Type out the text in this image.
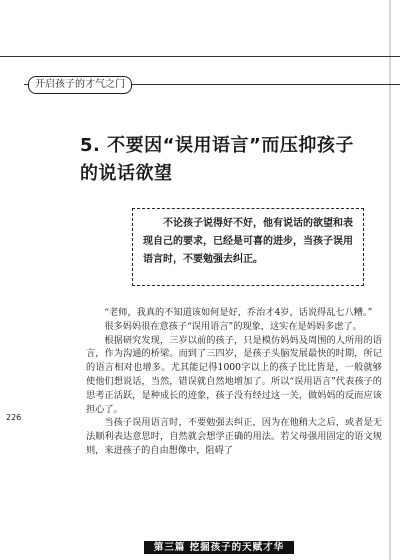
开启孩子的才气之门
5. 不要因“误用语言”而压抑孩子的说话欲望
不论孩子说得好不好，他有说话的欲望和表现自己的要求，已经是可喜的进步，当孩子误用语言时，不要勉强去纠正。

“老师，我真的不知道该如何是好，乔治才4岁，话说得乱七八糟。”

很多妈妈很在意孩子“误用语言”的现象，这实在是妈妈多虑了。

根据研究发现，三岁以前的孩子，只是模仿妈妈及周围的人所用的语言，作为沟通的桥梁。而到了三四岁，是孩子头脑发展最快的时期，所记的语言相对也增多。尤其能记得1000字以上的孩子比比皆是，一般就够使他们想说话，当然，错误就自然地增加了。所以“误用语言”代表孩子的思考正活跃，是种成长的迹象，孩子没有经过这一关，做妈妈的反而应该担心了。

当孩子误用语言时，不要勉强去纠正，因为在他稍大之后，或者是无法顺利表达意思时，自然就会想学正确的用法。若父母强用固定的语文规则，来进孩子的自由想像中，阻碍了

226
第三篇 挖掘孩子的天赋才华
